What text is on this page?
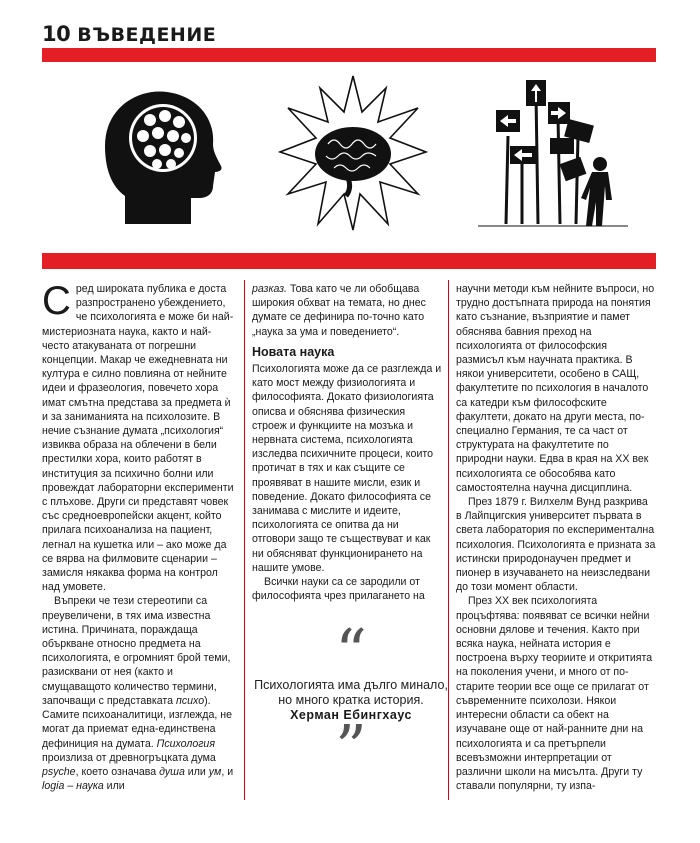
10 ВЪВЕДЕНИЕ

Сред широката публика е доста разпространено убеждението, че психологията е може би най-мистериозната наука, както и най-често атакуваната от погрешни концепции. Макар че ежедневната ни култура е силно повлияна от нейните идеи и фразеология, повечето хора имат смътна представа за предмета ѝ и за заниманията на психолозите. В нечие съзнание думата „психология“ извиква образа на облечени в бели престилки хора, които работят в институция за психично болни или провеждат лабораторни експерименти с плъхове. Други си представят човек със средноевропейски акцент, който прилага психоанализа на пациент, легнал на кушетка или – ако може да се вярва на филмовите сценарии – замисля някаква форма на контрол над умовете.

Въпреки че тези стереотипи са преувеличени, в тях има известна истина. Причината, пораждаща объркване относно предмета на психологията, е огромният брой теми, разисквани от нея (както и смущаващото количество термини, започващи с представката психо). Самите психоаналитици, изглежда, не могат да приемат една-единствена дефиниция на думата. Психология произлиза от древногръцката дума psyche, което означава душа или ум, и logia – наука или

разказ. Това като че ли обобщава широкия обхват на темата, но днес думате се дефинира по-точно като „наука за ума и поведението“.

Новата наука

Психологията може да се разглежда и като мост между физиологията и философията. Докато физиологията описва и обяснява физическия строеж и функциите на мозъка и нервната система, психологията изследва психичните процеси, които протичат в тях и как същите се проявяват в нашите мисли, език и поведение. Докато философията се занимава с мислите и идеите, психологията се опитва да ни отговори защо те съществуват и как ни обясняват функционирането на нашите умове.

Всички науки са се зародили от философията чрез прилагането на

“
Психологията има дълго минало, но много кратка история.
Херман Ебингхаус
”

научни методи към нейните въпроси, но трудно достъпната природа на понятия като съзнание, възприятие и памет обяснява бавния преход на психологията от философския размисъл към научната практика. В някои университети, особено в САЩ, факултетите по психология в началото са катедри към философските факултети, докато на други места, по-специално Германия, те са част от структурата на факултетите по природни науки. Едва в края на XX век психологията се обособява като самостоятелна научна дисциплина.

През 1879 г. Вилхелм Вунд разкрива в Лайпцигския университет първата в света лаборатория по експериментална психология. Психологията е призната за истински природонаучен предмет и пионер в изучаването на неизследвани до този момент области.

През XX век психологията процъфтява: появяват се всички нейни основни дялове и течения. Както при всяка наука, нейната история е построена върху теориите и откритията на поколения учени, и много от по-старите теории все още се прилагат от съвременните психолози. Някои интересни области са обект на изучаване още от най-ранните дни на психологията и са претърпели всевъзможни интерпретации от различни школи на мисълта. Други ту ставали популярни, ту изпа-
